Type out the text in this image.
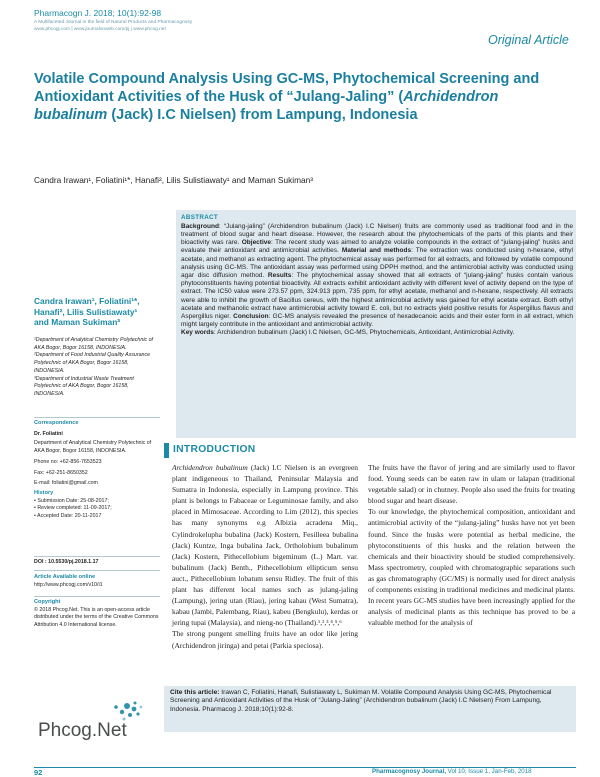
Pharmacogn J. 2018; 10(1):92-98
A Multifaceted Journal in the field of Natural Products and Pharmacognosy
www.phcogj.com | www.journalonweb.com/pj | www.phcog.net
Original Article
Volatile Compound Analysis Using GC-MS, Phytochemical Screening and Antioxidant Activities of the Husk of “Julang-Jaling” (Archidendron bubalinum (Jack) I.C Nielsen) from Lampung, Indonesia
Candra Irawan¹, Foliatini¹*, Hanafi², Lilis Sulistiawaty¹ and Maman Sukiman³
ABSTRACT

Background: “Julang-jaling” (Archidendron bubalinum (Jack) I.C Nielsen) fruits are commonly used as traditional food and in the treatment of blood sugar and heart disease. However, the research about the phytochemicals of the parts of this plants and their bioactivity was rare. Objective: The recent study was aimed to analyze volatile compounds in the extract of “julang-jaling” husks and evaluate their antioxidant and antimicrobial activities. Material and methods: The extraction was conducted using n-hexane, ethyl acetate, and methanol as extracting agent. The phytochemical assay was performed for all extracts, and followed by volatile compound analysis using GC-MS. The antioxidant assay was performed using DPPH method, and the antimicrobial activity was conducted using agar disc diffusion method. Results: The phytochemical assay showed that all extracts of “julang-jaling” husks contain various phytoconstituents having potential bioactivity. All extracts exhibit antioxidant activity with different level of activity depend on the type of extract. The IC50 value were 273.57 ppm, 324.913 ppm, 735 ppm, for ethyl acetate, methanol and n-hexane, respectively. All extracts were able to inhibit the growth of Bacillus cereus, with the highest antimicrobial activity was gained for ethyl acetate extract. Both ethyl acetate and methanolic extract have antimicrobial activity toward E. coli, but no extracts yield positive results for Aspergillus flavus and Aspergillus niger. Conclusion: GC-MS analysis revealed the presence of hexadecanoic acids and their ester form in all extract, which might largely contribute in the antioxidant and antimicrobial activity.

Key words: Archidendron bubalinum (Jack) I.C Nielsen, GC-MS, Phytochemicals, Antioxidant, Antimicrobial Activity.

Candra Irawan¹, Foliatini¹*, Hanafi², Lilis Sulistiawaty¹ and Maman Sukiman³
¹Department of Analytical Chemistry Polytechnic of AKA Bogor, Bogor 16158, INDONESIA.
²Department of Food Industrial Quality Assurance Polytechnic of AKA Bogor, Bogor 16158, INDONESIA.
³Department of Industrial Waste Treatment Polytechnic of AKA Bogor, Bogor 16158, INDONESIA.
Correspondence
Dr. Foliatini
Department of Analytical Chemistry Polytechnic of AKA Bogor, Bogor 16158, INDONESIA.
Phone no: +62-856-7653523
Fax: +62-251-8650352
E-mail: foliatini@gmail.com
History
• Submission Date: 25-08-2017;
• Review completed: 11-09-2017;
• Accepted Date: 20-11-2017
DOI : 10.5530/pj.2018.1.17
Article Available online
http://www.phcogj.com/v10/i1
Copyright
© 2018 Phcog.Net. This is an open-access article distributed under the terms of the Creative Commons Attribution 4.0 International license.
Phcog.Net
INTRODUCTION

Archidendron bubalinum (Jack) I.C Nielsen is an evergreen plant indigeneous to Thailand, Peninsular Malaysia and Sumatra in Indonesia, especially in Lampung province. This plant is belongs to Fabaceae or Leguminosae family, and also placed in Mimosaceae. According to Lim (2012), this species has many synonyms e.g Albizia acradena Miq., Cylindrokelupha bubalina (Jack) Kostern, Fesilleea bubalina (Jack) Kuntze, Inga bubalina Jack, Ortholobium bubalinum (Jack) Kostern, Pithecellobium bigeminum (L.) Mart. var. bubalinum (Jack) Benth., Pithecellobium ellipticum sensu auct., Pithecellobium lobatum sensu Ridley. The fruit of this plant has different local names such as julang-jaling (Lampung), jering utan (Riau), jering kabau (West Sumatra), kabau (Jambi, Palembang, Riau), kabeu (Bengkulu), kerdas or jering tupai (Malaysia), and nieng-no (Thailand).¹,²,³,⁴,⁵,⁶

The strong pungent smelling fruits have an odor like jering (Archidendron jiringa) and petai (Parkia speciosa).

The fruits have the flavor of jering and are similarly used to flavor food. Young seeds can be eaten raw in ulam or lalapan (traditional vegetable salad) or in chutney. People also used the fruits for treating blood sugar and heart disease.

To our knowledge, the phytochemical composition, antioxidant and antimicrobial activity of the “julang-jaling” husks have not yet been found. Since the husks were potential as herbal medicine, the phytoconstituents of this husks and the relation between the chemicals and their bioactivity should be studied comprehensively. Mass spectrometry, coupled with chromatographic separations such as gas chromatography (GC/MS) is normally used for direct analysis of components existing in traditional medicines and medicinal plants. In recent years GC-MS studies have been increasingly applied for the analysis of medicinal plants as this technique has proved to be a valuable method for the analysis of

Cite this article: Irawan C, Foliatini, Hanafi, Sulistiawaty L, Sukiman M. Volatile Compound Analysis Using GC-MS, Phytochemical Screening and Antioxidant Activities of the Husk of “Julang-Jaling” (Archidendron bubalinum (Jack) I.C Nielsen) From Lampung, Indonesia. Pharmacog J. 2018;10(1):92-8.
92	Pharmacognosy Journal, Vol 10, Issue 1, Jan-Feb, 2018
